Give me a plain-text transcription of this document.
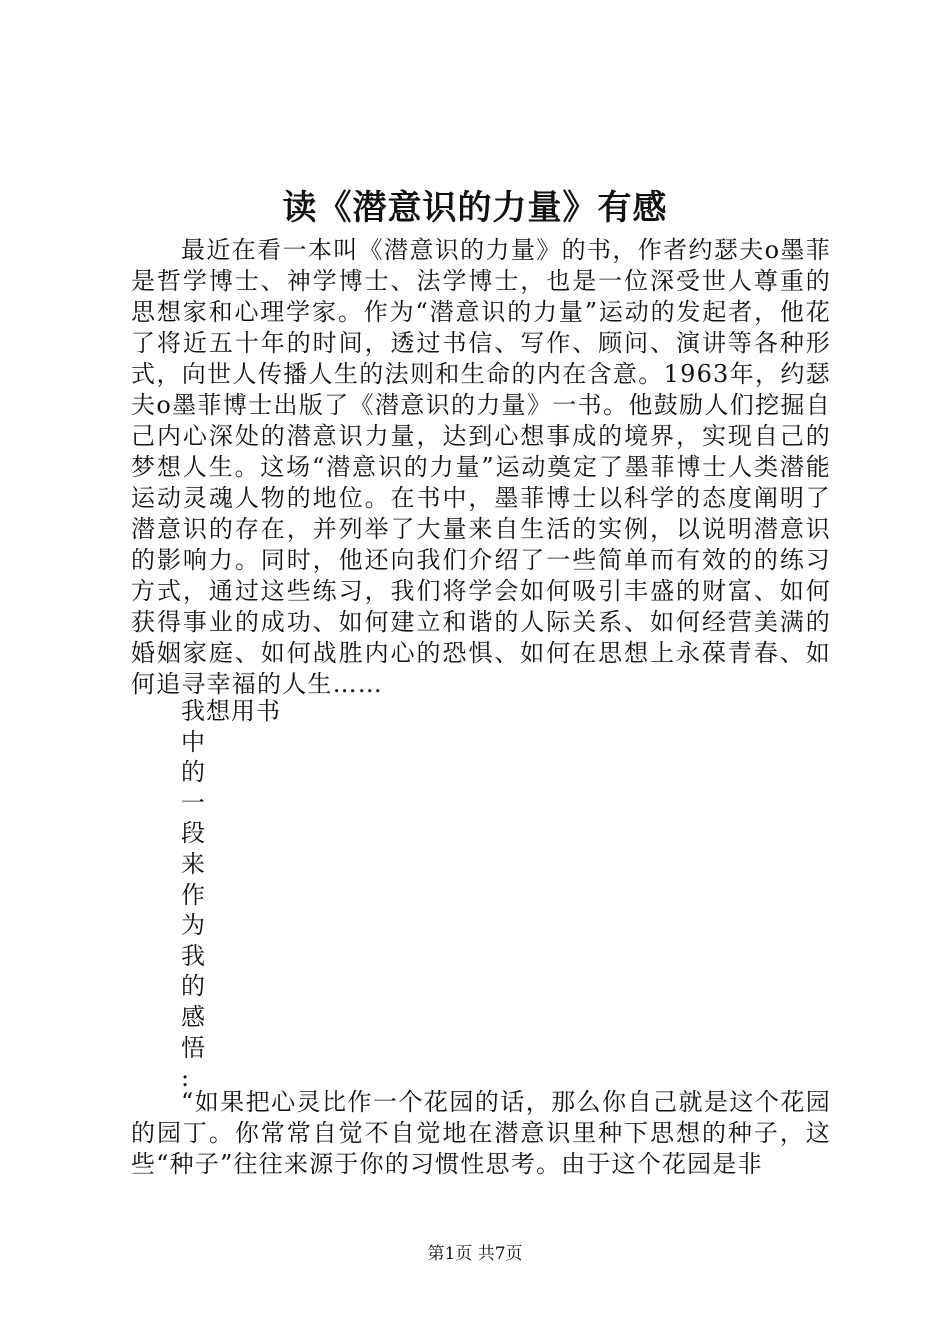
读《潜意识的力量》有感

最近在看一本叫《潜意识的力量》的书，作者约瑟夫o墨菲是哲学博士、神学博士、法学博士，也是一位深受世人尊重的思想家和心理学家。作为“潜意识的力量”运动的发起者，他花了将近五十年的时间，透过书信、写作、顾问、演讲等各种形式，向世人传播人生的法则和生命的内在含意。1963年，约瑟夫o墨菲博士出版了《潜意识的力量》一书。他鼓励人们挖掘自己内心深处的潜意识力量，达到心想事成的境界，实现自己的梦想人生。这场“潜意识的力量”运动奠定了墨菲博士人类潜能运动灵魂人物的地位。在书中，墨菲博士以科学的态度阐明了潜意识的存在，并列举了大量来自生活的实例，以说明潜意识的影响力。同时，他还向我们介绍了一些简单而有效的的练习方式，通过这些练习，我们将学会如何吸引丰盛的财富、如何获得事业的成功、如何建立和谐的人际关系、如何经营美满的婚姻家庭、如何战胜内心的恐惧、如何在思想上永葆青春、如何追寻幸福的人生……

我想用书
中
的
一
段
来
作
为
我
的
感
悟
:

“如果把心灵比作一个花园的话，那么你自己就是这个花园的园丁。你常常自觉不自觉地在潜意识里种下思想的种子，这些“种子”往往来源于你的习惯性思考。由于这个花园是非

第1页 共7页
